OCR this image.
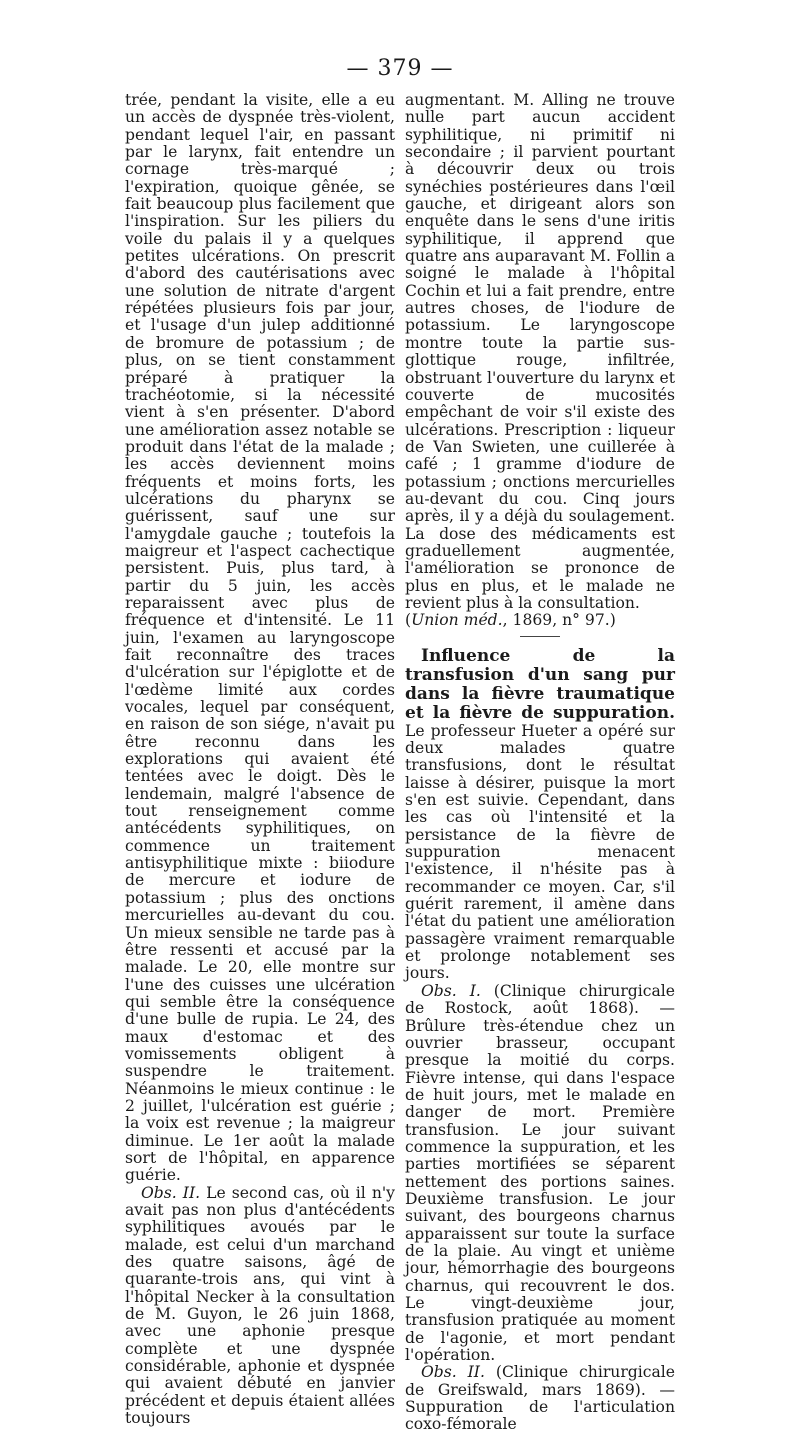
— 379 —

trée, pendant la visite, elle a eu un accès de dyspnée très-violent, pendant lequel l'air, en passant par le larynx, fait entendre un cornage très-marqué ; l'expiration, quoique gênée, se fait beaucoup plus facilement que l'inspiration. Sur les piliers du voile du palais il y a quelques petites ulcérations. On prescrit d'abord des cautérisations avec une solution de nitrate d'argent répétées plusieurs fois par jour, et l'usage d'un julep additionné de bromure de potassium ; de plus, on se tient constamment préparé à pratiquer la trachéotomie, si la nécessité vient à s'en présenter. D'abord une amélioration assez notable se produit dans l'état de la malade ; les accès deviennent moins fréquents et moins forts, les ulcérations du pharynx se guérissent, sauf une sur l'amygdale gauche ; toutefois la maigreur et l'aspect cachectique persistent. Puis, plus tard, à partir du 5 juin, les accès reparaissent avec plus de fréquence et d'intensité. Le 11 juin, l'examen au laryngoscope fait reconnaître des traces d'ulcération sur l'épiglotte et de l'œdème limité aux cordes vocales, lequel par conséquent, en raison de son siége, n'avait pu être reconnu dans les explorations qui avaient été tentées avec le doigt. Dès le lendemain, malgré l'absence de tout renseignement comme antécédents syphilitiques, on commence un traitement antisyphilitique mixte : biiodure de mercure et iodure de potassium ; plus des onctions mercurielles au-devant du cou. Un mieux sensible ne tarde pas à être ressenti et accusé par la malade. Le 20, elle montre sur l'une des cuisses une ulcération qui semble être la conséquence d'une bulle de rupia. Le 24, des maux d'estomac et des vomissements obligent à suspendre le traitement. Néanmoins le mieux continue : le 2 juillet, l'ulcération est guérie ; la voix est revenue ; la maigreur diminue. Le 1er août la malade sort de l'hôpital, en apparence guérie.

Obs. II. Le second cas, où il n'y avait pas non plus d'antécédents syphilitiques avoués par le malade, est celui d'un marchand des quatre saisons, âgé de quarante-trois ans, qui vint à l'hôpital Necker à la consultation de M. Guyon, le 26 juin 1868, avec une aphonie presque complète et une dyspnée considérable, aphonie et dyspnée qui avaient débuté en janvier précédent et depuis étaient allées toujours

augmentant. M. Alling ne trouve nulle part aucun accident syphilitique, ni primitif ni secondaire ; il parvient pourtant à découvrir deux ou trois synéchies postérieures dans l'œil gauche, et dirigeant alors son enquête dans le sens d'une iritis syphilitique, il apprend que quatre ans auparavant M. Follin a soigné le malade à l'hôpital Cochin et lui a fait prendre, entre autres choses, de l'iodure de potassium. Le laryngoscope montre toute la partie sus-glottique rouge, infiltrée, obstruant l'ouverture du larynx et couverte de mucosités empêchant de voir s'il existe des ulcérations. Prescription : liqueur de Van Swieten, une cuillerée à café ; 1 gramme d'iodure de potassium ; onctions mercurielles au-devant du cou. Cinq jours après, il y a déjà du soulagement. La dose des médicaments est graduellement augmentée, l'amélioration se prononce de plus en plus, et le malade ne revient plus à la consultation.

(Union méd., 1869, n° 97.)

Influence de la transfusion d'un sang pur dans la fièvre traumatique et la fièvre de suppuration. Le professeur Hueter a opéré sur deux malades quatre transfusions, dont le résultat laisse à désirer, puisque la mort s'en est suivie. Cependant, dans les cas où l'intensité et la persistance de la fièvre de suppuration menacent l'existence, il n'hésite pas à recommander ce moyen. Car, s'il guérit rarement, il amène dans l'état du patient une amélioration passagère vraiment remarquable et prolonge notablement ses jours.

Obs. I. (Clinique chirurgicale de Rostock, août 1868). — Brûlure très-étendue chez un ouvrier brasseur, occupant presque la moitié du corps. Fièvre intense, qui dans l'espace de huit jours, met le malade en danger de mort. Première transfusion. Le jour suivant commence la suppuration, et les parties mortifiées se séparent nettement des portions saines. Deuxième transfusion. Le jour suivant, des bourgeons charnus apparaissent sur toute la surface de la plaie. Au vingt et unième jour, hémorrhagie des bourgeons charnus, qui recouvrent le dos. Le vingt-deuxième jour, transfusion pratiquée au moment de l'agonie, et mort pendant l'opération.

Obs. II. (Clinique chirurgicale de Greifswald, mars 1869). — Suppuration de l'articulation coxo-fémorale
